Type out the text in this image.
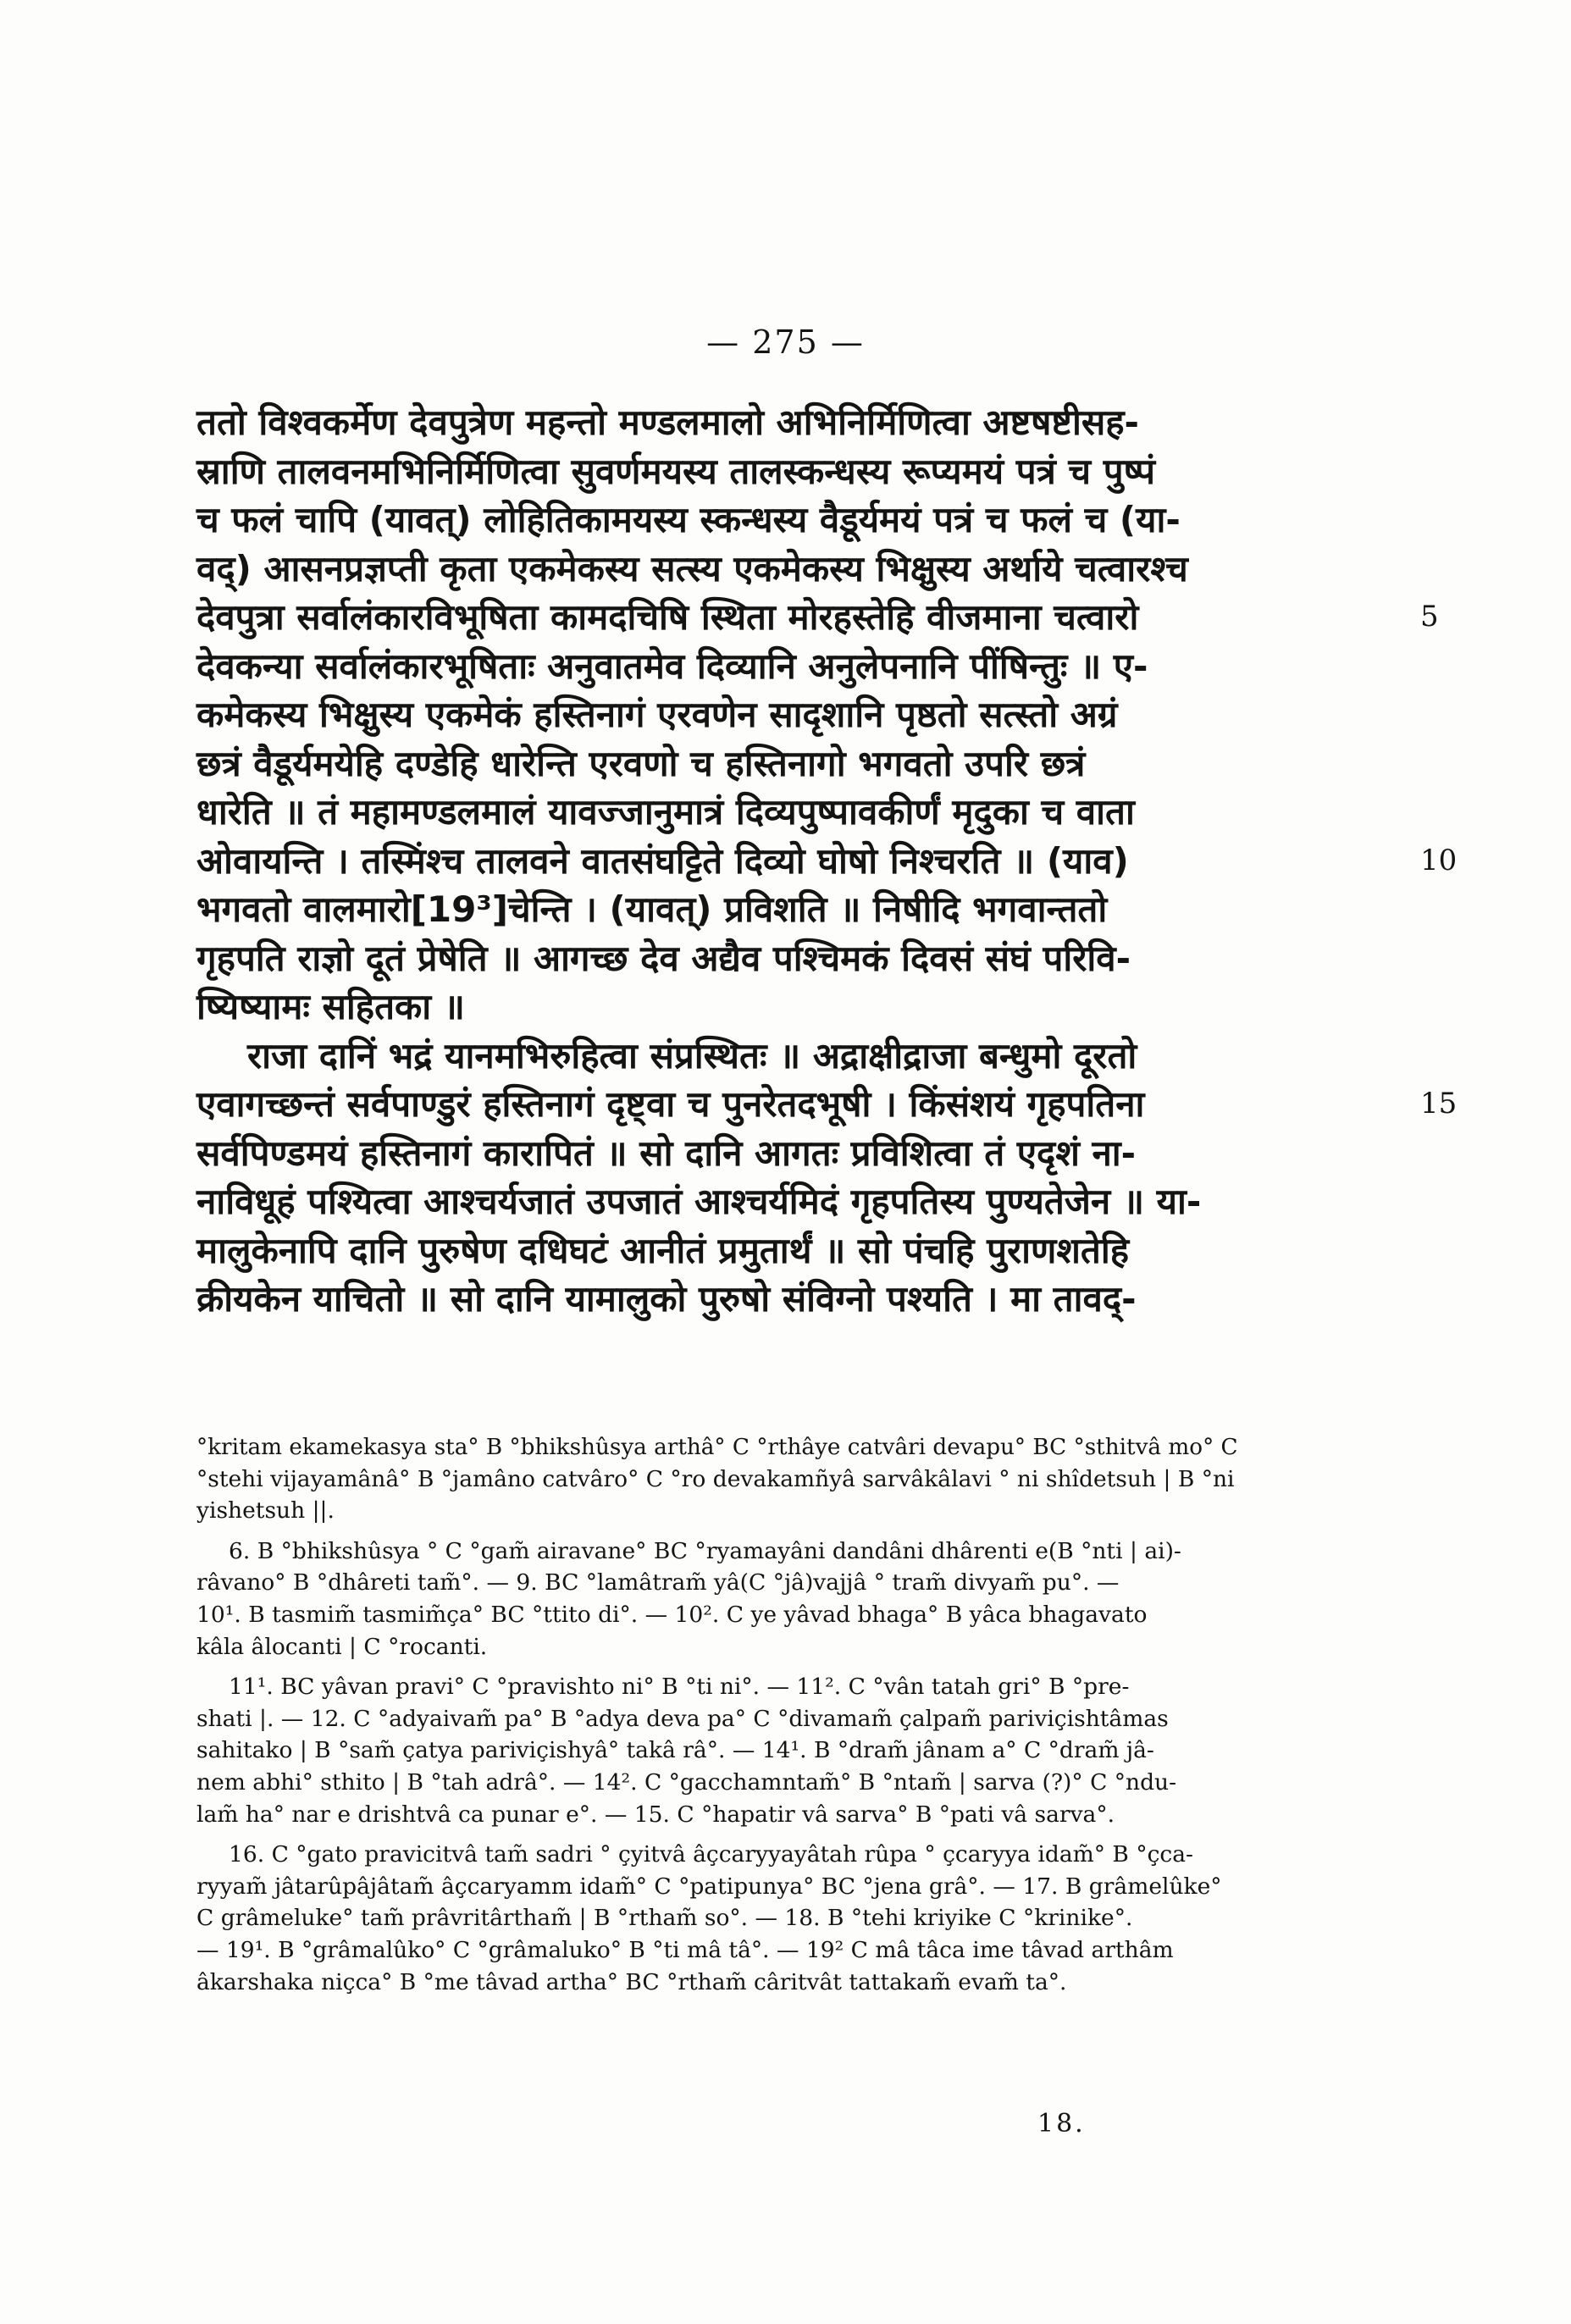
— 275 —
ततो विश्वकर्मेण देवपुत्रेण महन्तो मण्डलमालो अभिनिर्मिणित्वा अष्टषष्टीसह-
स्राणि तालवनमभिनिर्मिणित्वा सुवर्णमयस्य तालस्कन्धस्य रूप्यमयं पत्रं च पुष्पं
च फलं चापि (यावत्) लोहितिकामयस्य स्कन्धस्य वैडूर्यमयं पत्रं च फलं च (या-
वद्) आसनप्रज्ञप्ती कृता एकमेकस्य सत्स्य एकमेकस्य भिक्षुस्य अर्थाये चत्वारश्च
देवपुत्रा सर्वालंकारविभूषिता कामदचिषि स्थिता मोरहस्तेहि वीजमाना चत्वारो	5
देवकन्या सर्वालंकारभूषिताः अनुवातमेव दिव्यानि अनुलेपनानि पींषिन्तुः ॥ ए-
कमेकस्य भिक्षुस्य एकमेकं हस्तिनागं एरवणेन सादृशानि पृष्ठतो सत्स्तो अग्रं
छत्रं वैडूर्यमयेहि दण्डेहि धारेन्ति एरवणो च हस्तिनागो भगवतो उपरि छत्रं
धारेति ॥ तं महामण्डलमालं यावज्जानुमात्रं दिव्यपुष्पावकीर्णं मृदुका च वाता
ओवायन्ति । तस्मिंश्च तालवने वातसंघट्टिते दिव्यो घोषो निश्चरति ॥ (याव)	10
भगवतो वालमारो[19³]चेन्ति । (यावत्) प्रविशति ॥ निषीदि भगवान्ततो
गृहपति राज्ञो दूतं प्रेषेति ॥ आगच्छ देव अद्यैव पश्चिमकं दिवसं संघं परिवि-
ष्यिष्यामः सहितका ॥
राजा दानिं भद्रं यानमभिरुहित्वा संप्रस्थितः ॥ अद्राक्षीद्राजा बन्धुमो दूरतो
एवागच्छन्तं सर्वपाण्डुरं हस्तिनागं दृष्ट्वा च पुनरेतदभूषी । किंसंशयं गृहपतिना	15
सर्वपिण्डमयं हस्तिनागं कारापितं ॥ सो दानि आगतः प्रविशित्वा तं एदृशं ना-
नाविधूहं पश्यित्वा आश्चर्यजातं उपजातं आश्चर्यमिदं गृहपतिस्य पुण्यतेजेन ॥ या-
मालुकेनापि दानि पुरुषेण दधिघटं आनीतं प्रमुतार्थं ॥ सो पंचहि पुराणशतेहि
क्रीयकेन याचितो ॥ सो दानि यामालुको पुरुषो संविग्नो पश्यति । मा तावद्-
°kritam ekamekasya sta° B °bhikshûsya arthâ° C °rthâye catvâri devapu° BC °sthitvâ mo° C
°stehi vijayamânâ° B °jamâno catvâro° C °ro devakamñyâ sarvâkâlavi ° ni shîdetsuh | B °ni
yishetsuh ||.
6. B °bhikshûsya ° C °gam̃ airavane° BC °ryamayâni dandâni dhârenti e(B °nti | ai)-
râvano° B °dhâreti tam̃°. — 9. BC °lamâtram̃ yâ(C °jâ)vajjâ ° tram̃ divyam̃ pu°. —
10¹. B tasmim̃ tasmim̃ça° BC °ttito di°. — 10². C ye yâvad bhaga° B yâca bhagavato
kâla âlocanti | C °rocanti.
11¹. BC yâvan pravi° C °pravishto ni° B °ti ni°. — 11². C °vân tatah gri° B °pre-
shati |. — 12. C °adyaivam̃ pa° B °adya deva pa° C °divamam̃ çalpam̃ pariviçishtâmas
sahitako | B °sam̃ çatya pariviçishyâ° takâ râ°. — 14¹. B °dram̃ jânam a° C °dram̃ jâ-
nem abhi° sthito | B °tah adrâ°. — 14². C °gacchamntam̃° B °ntam̃ | sarva (?)° C °ndu-
lam̃ ha° nar e drishtvâ ca punar e°. — 15. C °hapatir vâ sarva° B °pati vâ sarva°.
16. C °gato pravicitvâ tam̃ sadri ° çyitvâ âçcaryyayâtah rûpa ° çcaryya idam̃° B °çca-
ryyam̃ jâtarûpâjâtam̃ âçcaryamm idam̃° C °patipunya° BC °jena grâ°. — 17. B grâmelûke°
C grâmeluke° tam̃ prâvritârtham̃ | B °rtham̃ so°. — 18. B °tehi kriyike C °krinike°.
— 19¹. B °grâmalûko° C °grâmaluko° B °ti mâ tâ°. — 19² C mâ tâca ime tâvad arthâm
âkarshaka niçca° B °me tâvad artha° BC °rtham̃ câritvât tattakam̃ evam̃ ta°.
18.
